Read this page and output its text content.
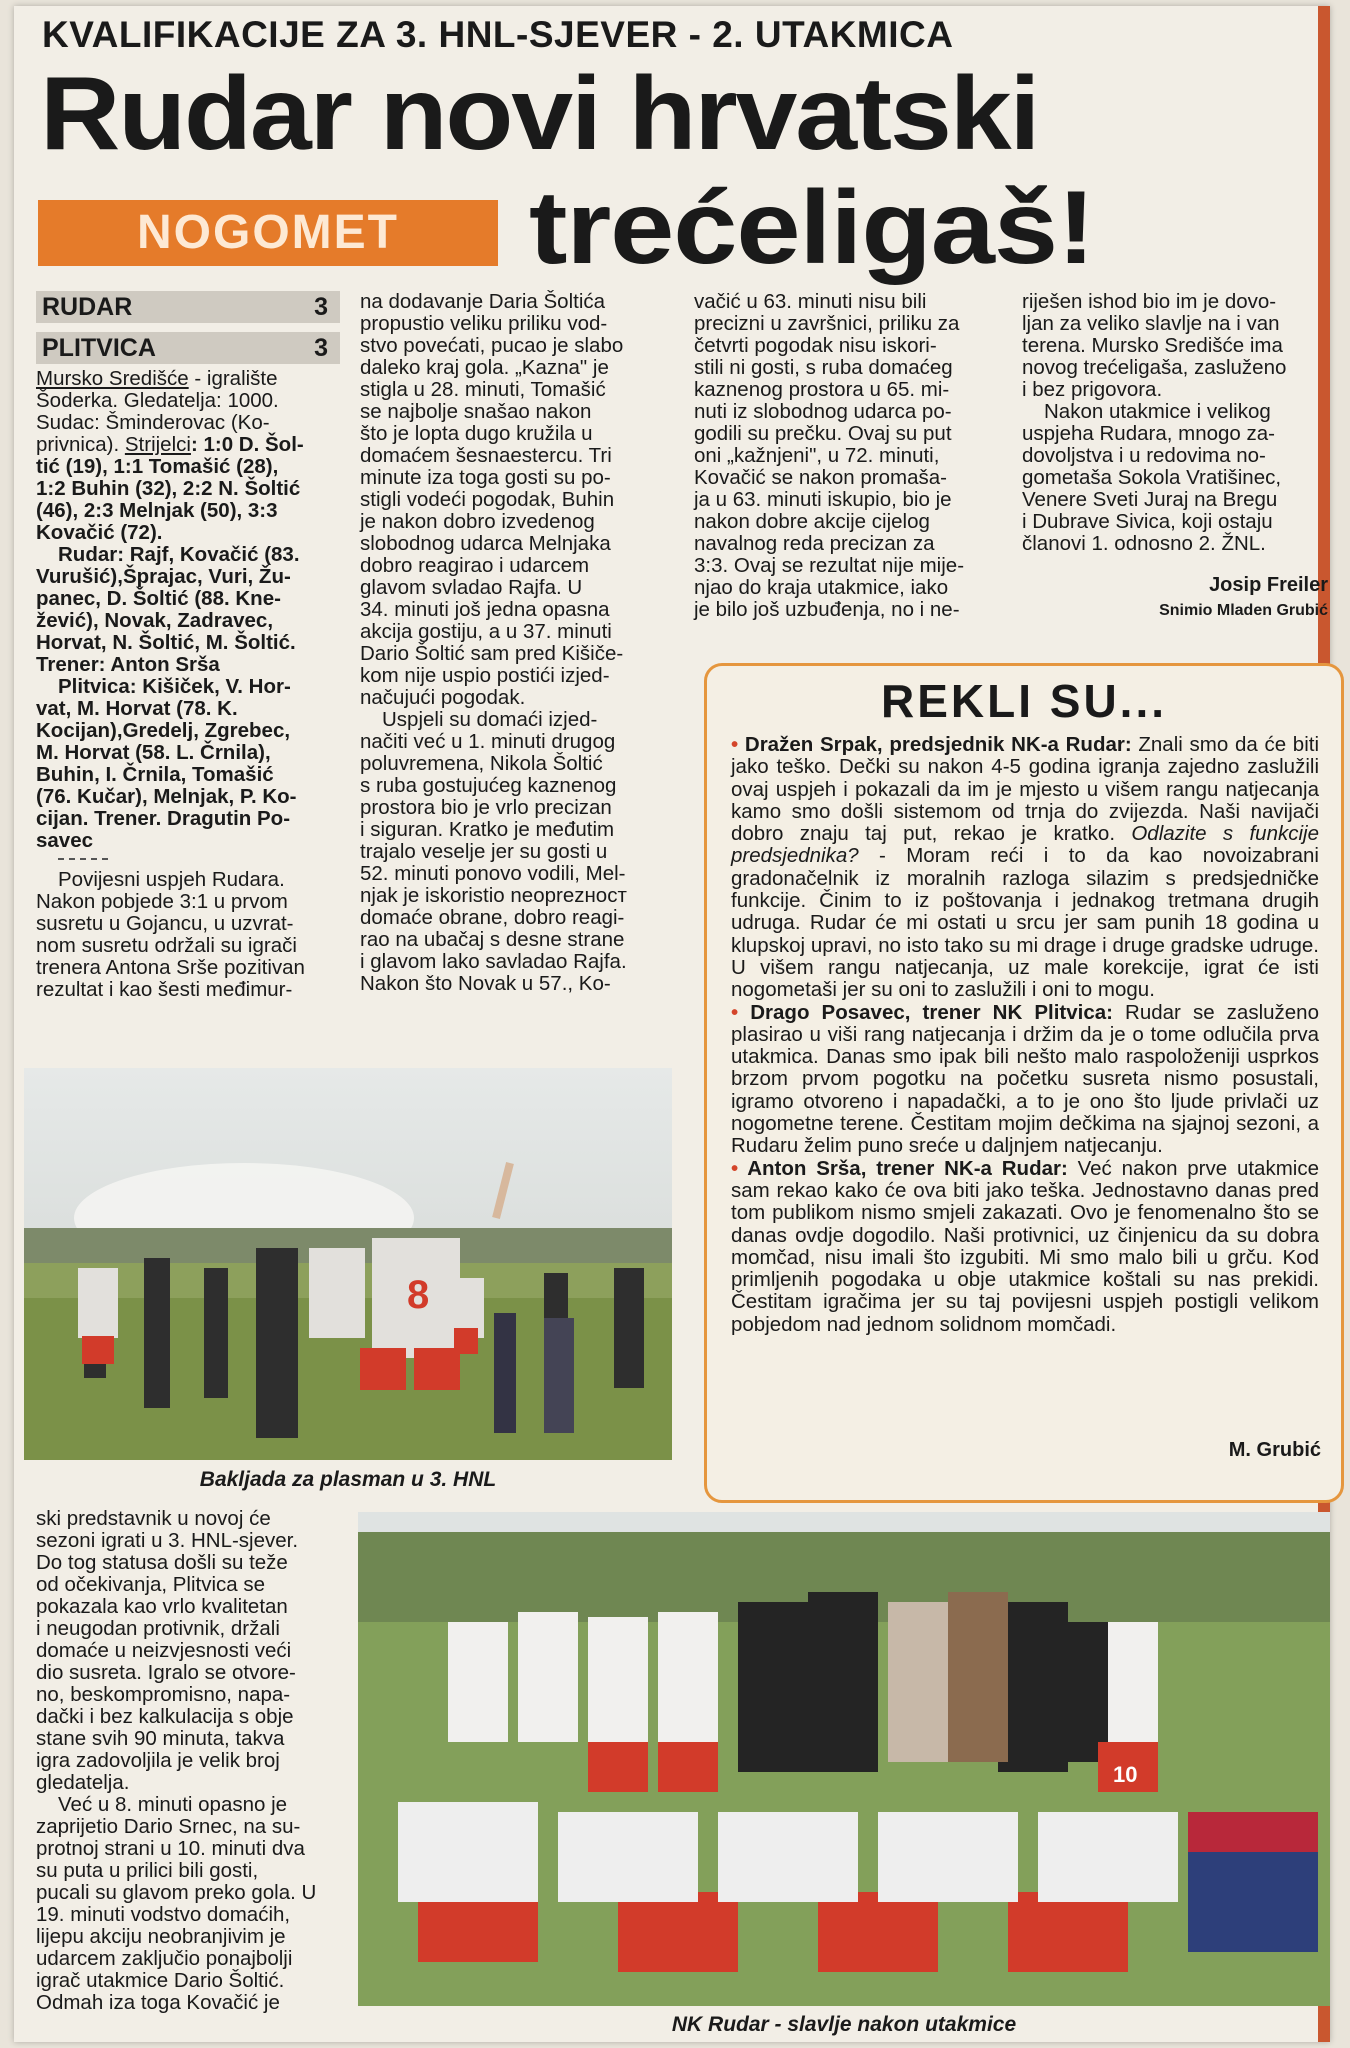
KVALIFIKACIJE ZA 3. HNL-SJEVER - 2. UTAKMICA
Rudar novi hrvatski
NOGOMET	trećeligaš!
RUDAR	3
PLITVICA	3

Mursko Središće - igralište

Šoderka. Gledatelja: 1000.

Sudac: Šminderovac (Ko-

privnica). Strijelci: 1:0 D. Šol-

tić (19), 1:1 Tomašić (28),

1:2 Buhin (32), 2:2 N. Šoltić

(46), 2:3 Melnjak (50), 3:3

Kovačić (72).

Rudar: Rajf, Kovačić (83.

Vurušić),Šprajac, Vuri, Žu-

panec, D. Šoltić (88. Kne-

žević), Novak, Zadravec,

Horvat, N. Šoltić, M. Šoltić.

Trener: Anton Srša

Plitvica: Kišiček, V. Hor-

vat, M. Horvat (78. K.

Kocijan),Gredelj, Zgrebec,

M. Horvat (58. L. Črnila),

Buhin, I. Črnila, Tomašić

(76. Kučar), Melnjak, P. Ko-

cijan. Trener. Dragutin Po-

savec

Povijesni uspjeh Rudara.

Nakon pobjede 3:1 u prvom

susretu u Gojancu, u uzvrat-

nom susretu održali su igrači

trenera Antona Srše pozitivan

rezultat i kao šesti međimur-

na dodavanje Daria Šoltića

propustio veliku priliku vod-

stvo povećati, pucao je slabo

daleko kraj gola. „Kazna" je

stigla u 28. minuti, Tomašić

se najbolje snašao nakon

što je lopta dugo kružila u

domaćem šesnaestercu. Tri

minute iza toga gosti su po-

stigli vodeći pogodak, Buhin

je nakon dobro izvedenog

slobodnog udarca Melnjaka

dobro reagirao i udarcem

glavom svladao Rajfa. U

34. minuti još jedna opasna

akcija gostiju, a u 37. minuti

Dario Šoltić sam pred Kišiče-

kom nije uspio postići izjed-

načujući pogodak.

Uspjeli su domaći izjed-

načiti već u 1. minuti drugog

poluvremena, Nikola Šoltić

s ruba gostujućeg kaznenog

prostora bio je vrlo precizan

i siguran. Kratko je međutim

trajalo veselje jer su gosti u

52. minuti ponovo vodili, Mel-

njak je iskoristio neoprezност

domaće obrane, dobro reagi-

rao na ubačaj s desne strane

i glavom lako savladao Rajfa.

Nakon što Novak u 57., Ko-

vačić u 63. minuti nisu bili

precizni u završnici, priliku za

četvrti pogodak nisu iskori-

stili ni gosti, s ruba domaćeg

kaznenog prostora u 65. mi-

nuti iz slobodnog udarca po-

godili su prečku. Ovaj su put

oni „kažnjeni", u 72. minuti,

Kovačić se nakon promaša-

ja u 63. minuti iskupio, bio je

nakon dobre akcije cijelog

navalnog reda precizan za

3:3. Ovaj se rezultat nije mije-

njao do kraja utakmice, iako

je bilo još uzbuđenja, no i ne-

riješen ishod bio im je dovo-

ljan za veliko slavlje na i van

terena. Mursko Središće ima

novog trećeligaša, zasluženo

i bez prigovora.

Nakon utakmice i velikog

uspjeha Rudara, mnogo za-

dovoljstva i u redovima no-

gometaša Sokola Vratišinec,

Venere Sveti Juraj na Bregu

i Dubrave Sivica, koji ostaju

članovi 1. odnosno 2. ŽNL.

Josip Freiler
Snimio Mladen Grubić
REKLI SU...

• Dražen Srpak, predsjednik NK-a Rudar: Znali smo da će biti jako teško. Dečki su nakon 4-5 godina igranja zajedno zaslužili ovaj uspjeh i pokazali da im je mjesto u višem rangu natjecanja kamo smo došli sistemom od trnja do zvijezda. Naši navijači dobro znaju taj put, rekao je kratko. Odlazite s funkcije predsjednika? - Moram reći i to da kao novoizabrani gradonačelnik iz moralnih razloga silazim s predsjedničke funkcije. Činim to iz poštovanja i jednakog tretmana drugih udruga. Rudar će mi ostati u srcu jer sam punih 18 godina u klupskoj upravi, no isto tako su mi drage i druge gradske udruge. U višem rangu natjecanja, uz male korekcije, igrat će isti nogometaši jer su oni to zaslužili i oni to mogu.

• Drago Posavec, trener NK Plitvica: Rudar se zasluženo plasirao u viši rang natjecanja i držim da je o tome odlučila prva utakmica. Danas smo ipak bili nešto malo raspoloženiji usprkos brzom prvom pogotku na početku susreta nismo posustali, igramo otvoreno i napadački, a to je ono što ljude privlači uz nogometne terene. Čestitam mojim dečkima na sjajnoj sezoni, a Rudaru želim puno sreće u daljnjem natjecanju.

• Anton Srša, trener NK-a Rudar: Već nakon prve utakmice sam rekao kako će ova biti jako teška. Jednostavno danas pred tom publikom nismo smjeli zakazati. Ovo je fenomenalno što se danas ovdje dogodilo. Naši protivnici, uz činjenicu da su dobra momčad, nisu imali što izgubiti. Mi smo malo bili u grču. Kod primljenih pogodaka u obje utakmice koštali su nas prekidi. Čestitam igračima jer su taj povijesni uspjeh postigli velikom pobjedom nad jednom solidnom momčadi.

M. Grubić
8
Bakljada za plasman u 3. HNL

ski predstavnik u novoj će

sezoni igrati u 3. HNL-sjever.

Do tog statusa došli su teže

od očekivanja, Plitvica se

pokazala kao vrlo kvalitetan

i neugodan protivnik, držali

domaće u neizvjesnosti veći

dio susreta. Igralo se otvore-

no, beskompromisno, napa-

dački i bez kalkulacija s obje

stane svih 90 minuta, takva

igra zadovoljila je velik broj

gledatelja.

Već u 8. minuti opasno je

zaprijetio Dario Srnec, na su-

protnoj strani u 10. minuti dva

su puta u prilici bili gosti,

pucali su glavom preko gola. U

19. minuti vodstvo domaćih,

lijepu akciju neobranjivim je

udarcem zaključio ponajbolji

igrač utakmice Dario Šoltić.

Odmah iza toga Kovačić je

10
NK Rudar - slavlje nakon utakmice
